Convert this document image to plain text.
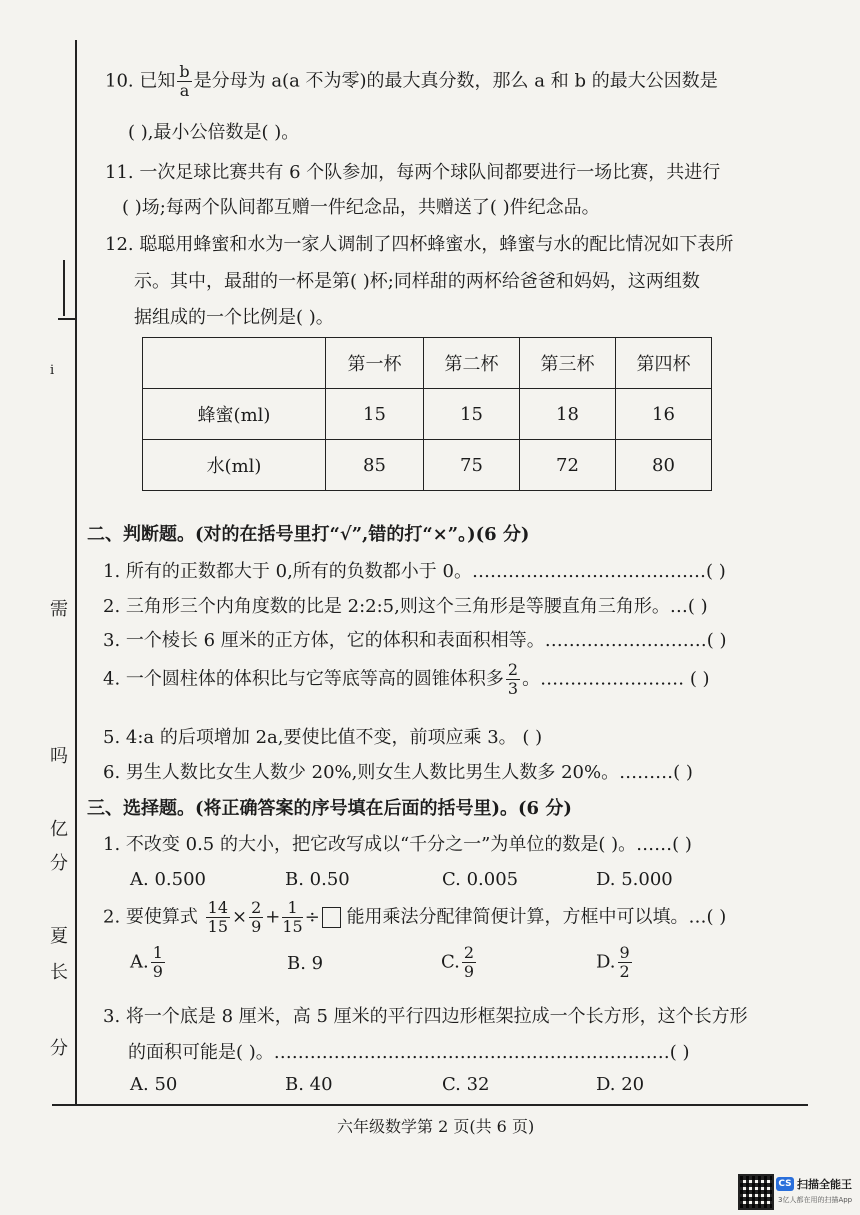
ⅰ
需
吗
亿
分
夏
长
分
10. 已知 $\frac{b}{a}$ 是分母为 a(a 不为零)的最大真分数，那么 a 和 b 的最大公因数是
( ),最小公倍数是( )。
11. 一次足球比赛共有 6 个队参加，每两个球队间都要进行一场比赛，共进行
( )场;每两个队间都互赠一件纪念品，共赠送了( )件纪念品。
12. 聪聪用蜂蜜和水为一家人调制了四杯蜂蜜水，蜂蜜与水的配比情况如下表所
示。其中，最甜的一杯是第( )杯;同样甜的两杯给爸爸和妈妈，这两组数
据组成的一个比例是( )。
	第一杯	第二杯	第三杯	第四杯
蜂蜜(ml)	15	15	18	16
水(ml)	85	75	72	80
二、判断题。(对的在括号里打“√”,错的打“×”。)(6 分)
1. 所有的正数都大于 0,所有的负数都小于 0。…………………………………( )
2. 三角形三个内角度数的比是 2:2:5,则这个三角形是等腰直角三角形。…( )
3. 一个棱长 6 厘米的正方体，它的体积和表面积相等。………………………( )
4. 一个圆柱体的体积比与它等底等高的圆锥体积多 $\frac{2}{3}$ 。…………………… ( )
5. 4:a 的后项增加 2a,要使比值不变，前项应乘 3。 ( )
6. 男生人数比女生人数少 20%,则女生人数比男生人数多 20%。………( )
三、选择题。(将正确答案的序号填在后面的括号里)。(6 分)
1. 不改变 0.5 的大小，把它改写成以“千分之一”为单位的数是( )。……( )
A. 0.500	B. 0.50	C. 0.005	D. 5.000
2. 要使算式 $\frac{14}{15} \times \frac{2}{9} + \frac{1}{15}$ ÷ 能用乘法分配律简便计算，方框中可以填。…( )
A. $\frac{1}{9}$	B. 9	C. $\frac{2}{9}$	D. $\frac{9}{2}$
3. 将一个底是 8 厘米，高 5 厘米的平行四边形框架拉成一个长方形，这个长方形
的面积可能是( )。…………………………………………………………( )
A. 50	B. 40	C. 32	D. 20
六年级数学第 2 页(共 6 页)
CS 扫描全能王
3亿人都在用的扫描App
